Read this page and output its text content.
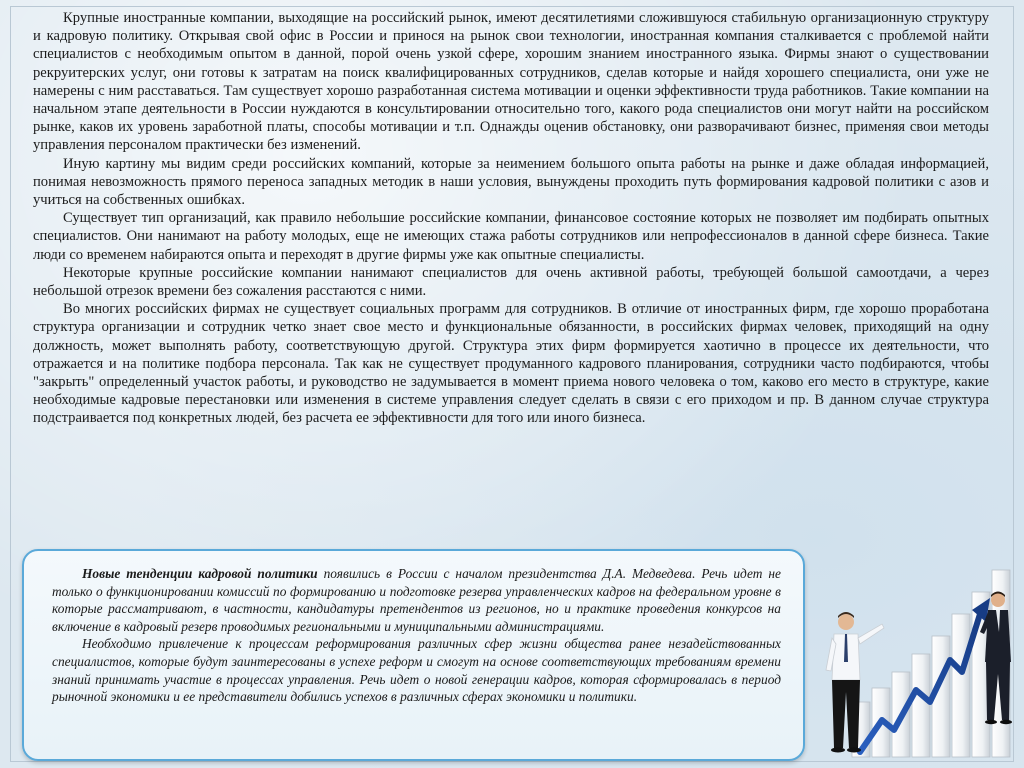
Крупные иностранные компании, выходящие на российский рынок, имеют десятилетиями сложившуюся стабильную организационную структуру и кадровую политику. Открывая свой офис в России и принося на рынок свои технологии, иностранная компания сталкивается с проблемой найти специалистов с необходимым опытом в данной, порой очень узкой сфере, хорошим знанием иностранного языка. Фирмы знают о существовании рекруитерских услуг, они готовы к затратам на поиск квалифицированных сотрудников, сделав которые и найдя хорошего специалиста, они уже не намерены с ним расставаться. Там существует хорошо разработанная система мотивации и оценки эффективности труда работников. Такие компании на начальном этапе деятельности в России нуждаются в консультировании относительно того, какого рода специалистов они могут найти на российском рынке, каков их уровень заработной платы, способы мотивации и т.п. Однажды оценив обстановку, они разворачивают бизнес, применяя свои методы управления персоналом практически без изменений.

Иную картину мы видим среди российских компаний, которые за неимением большого опыта работы на рынке и даже обладая информацией, понимая невозможность прямого переноса западных методик в наши условия, вынуждены проходить путь формирования кадровой политики с азов и учиться на собственных ошибках.

Существует тип организаций, как правило небольшие российские компании, финансовое состояние которых не позволяет им подбирать опытных специалистов. Они нанимают на работу молодых, еще не имеющих стажа работы сотрудников или непрофессионалов в данной сфере бизнеса. Такие люди со временем набираются опыта и переходят в другие фирмы уже как опытные специалисты.

Некоторые крупные российские компании нанимают специалистов для очень активной работы, требующей большой самоотдачи, а через небольшой отрезок времени без сожаления расстаются с ними.

Во многих российских фирмах не существует социальных программ для сотрудников. В отличие от иностранных фирм, где хорошо проработана структура организации и сотрудник четко знает свое место и функциональные обязанности, в российских фирмах человек, приходящий на одну должность, может выполнять работу, соответствующую другой. Структура этих фирм формируется хаотично в процессе их деятельности, что отражается и на политике подбора персонала. Так как не существует продуманного кадрового планирования, сотрудники часто подбираются, чтобы "закрыть" определенный участок работы, и руководство не задумывается в момент приема нового человека о том, каково его место в структуре, какие необходимые кадровые перестановки или изменения в системе управления следует сделать в связи с его приходом и пр. В данном случае структура подстраивается под конкретных людей, без расчета ее эффективности для того или иного бизнеса.

Новые тенденции кадровой политики появились в России с началом президентства Д.А. Медведева. Речь идет не только о функционировании комиссий по формированию и подготовке резерва управленческих кадров на федеральном уровне в которые рассматривают, в частности, кандидатуры претендентов из регионов, но и практике проведения конкурсов на включение в кадровый резерв проводимых региональными и муниципальными администрациями.

Необходимо привлечение к процессам реформирования различных сфер жизни общества ранее незадействованных специалистов, которые будут заинтересованы в успехе реформ и смогут на основе соответствующих требованиям времени знаний принимать участие в процессах управления. Речь идет о новой генерации кадров, которая сформировалась в период рыночной экономики и ее представители добились успехов в различных сферах экономики и политики.
